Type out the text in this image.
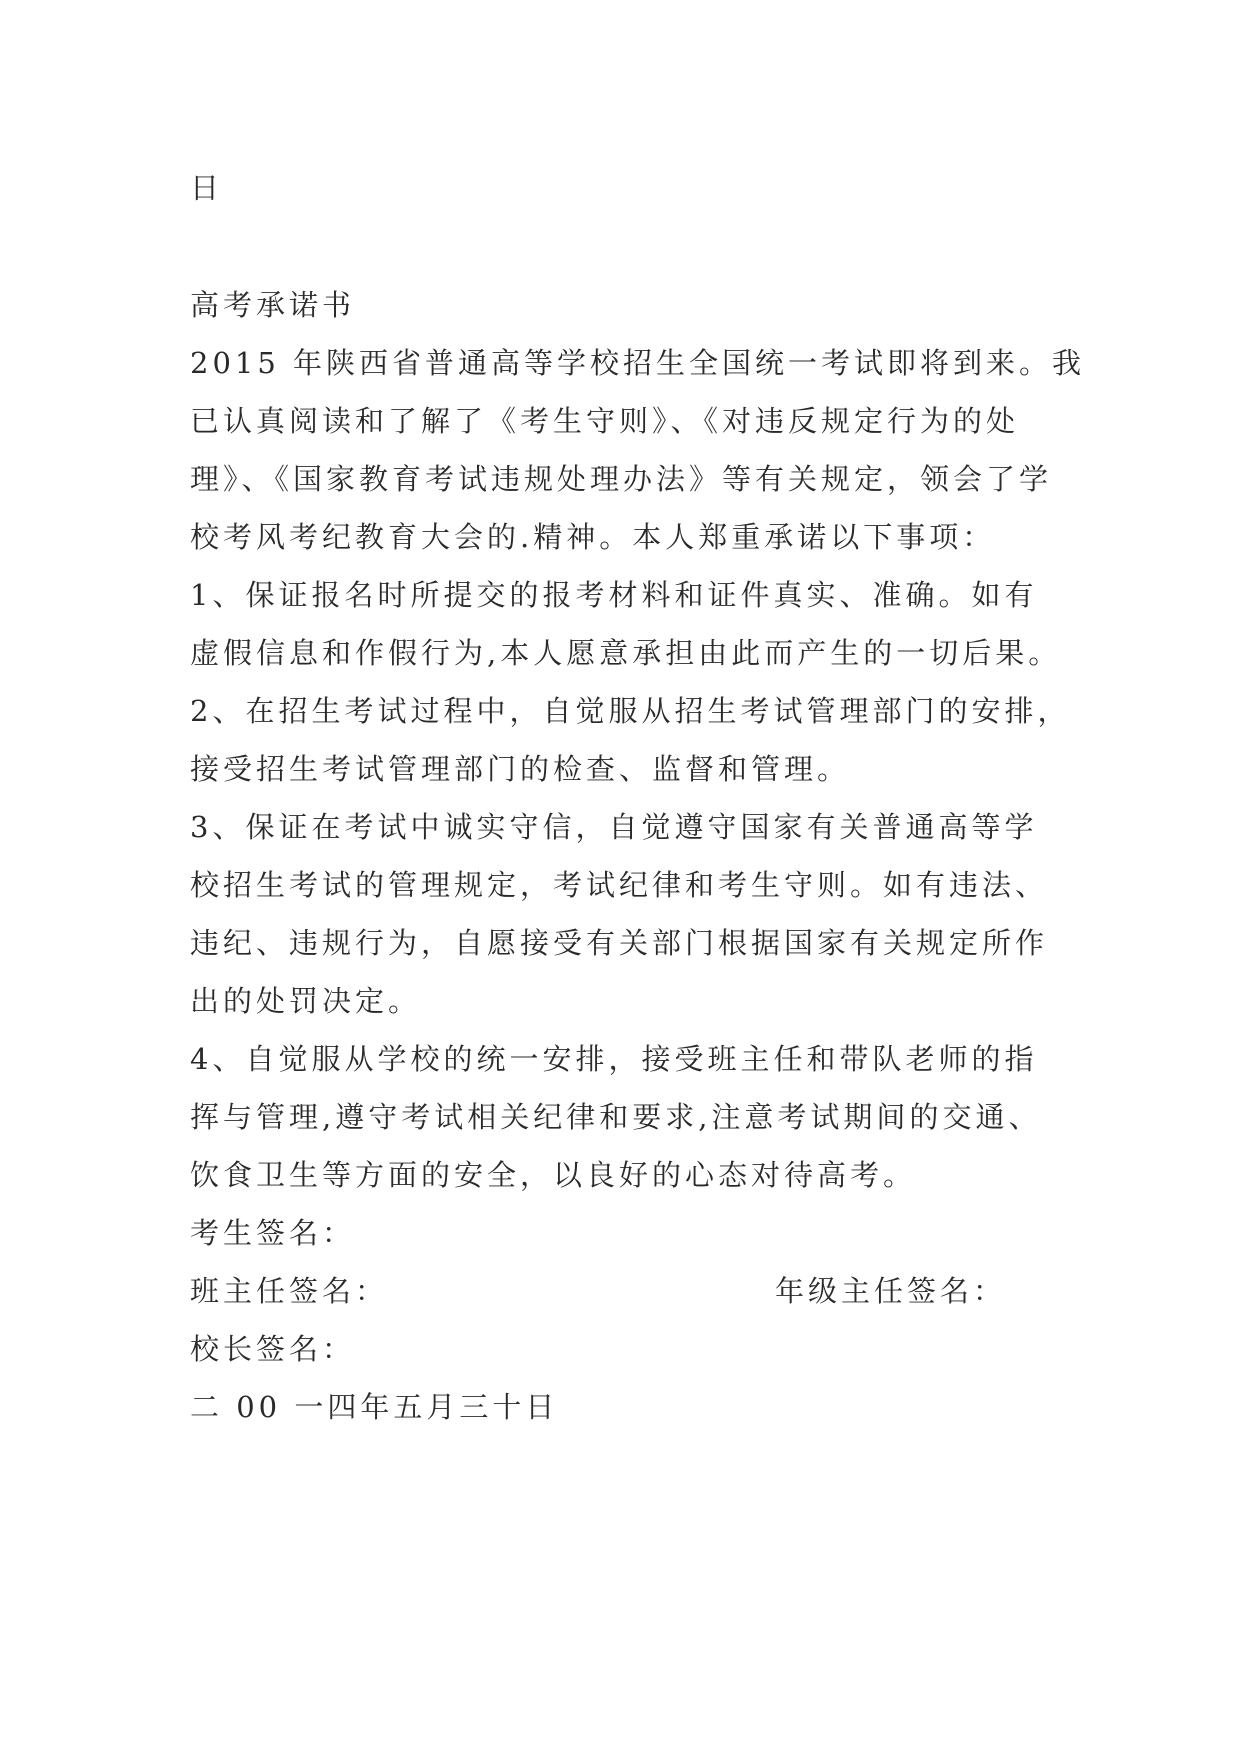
日
高考承诺书
2015 年陕西省普通高等学校招生全国统一考试即将到来。我
已认真阅读和了解了《考生守则》、《对违反规定行为的处
理》、《国家教育考试违规处理办法》等有关规定，领会了学
校考风考纪教育大会的.精神。本人郑重承诺以下事项：
1、保证报名时所提交的报考材料和证件真实、准确。如有
虚假信息和作假行为,本人愿意承担由此而产生的一切后果。
2、在招生考试过程中，自觉服从招生考试管理部门的安排，
接受招生考试管理部门的检查、监督和管理。
3、保证在考试中诚实守信，自觉遵守国家有关普通高等学
校招生考试的管理规定，考试纪律和考生守则。如有违法、
违纪、违规行为，自愿接受有关部门根据国家有关规定所作
出的处罚决定。
4、自觉服从学校的统一安排，接受班主任和带队老师的指
挥与管理,遵守考试相关纪律和要求,注意考试期间的交通、
饮食卫生等方面的安全，以良好的心态对待高考。
考生签名：
班主任签名：	年级主任签名：
校长签名：
二 00 一四年五月三十日
